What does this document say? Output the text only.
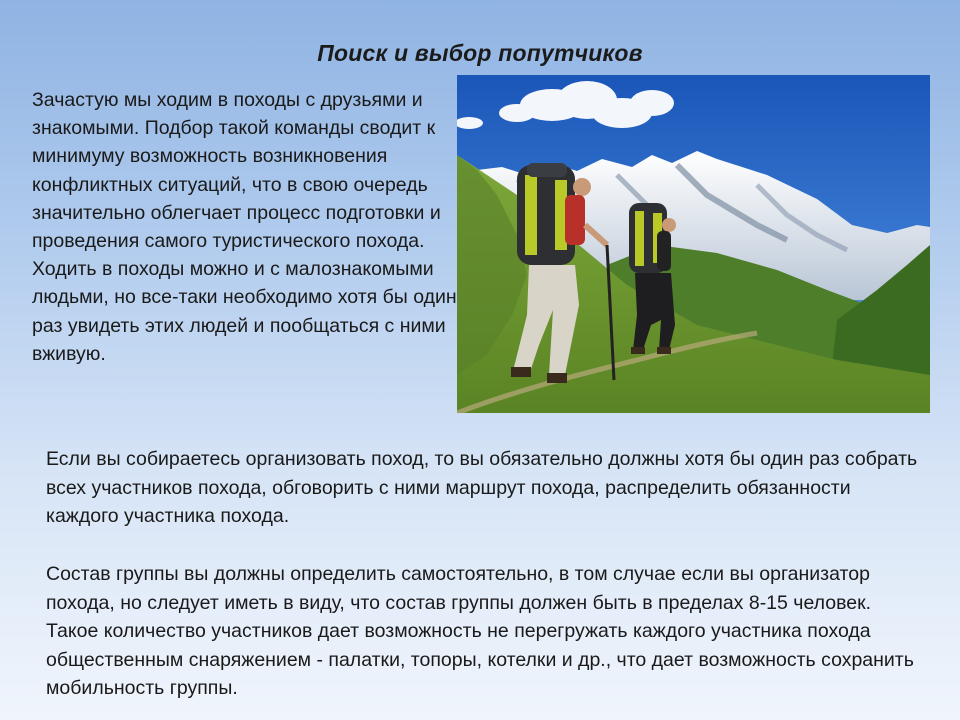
Поиск и выбор попутчиков

Зачастую мы ходим в походы с друзьями и знакомыми. Подбор такой команды сводит к минимуму возможность возникновения конфликтных ситуаций, что в свою очередь значительно облегчает процесс подготовки и проведения самого туристического похода. Ходить в походы можно и с малознакомыми людьми, но все-таки необходимо хотя бы один раз увидеть этих людей и пообщаться с ними вживую.

Если вы собираетесь организовать поход, то вы обязательно должны хотя бы один раз собрать всех участников похода, обговорить с ними маршрут похода, распределить обязанности каждого участника похода.

Состав группы вы должны определить самостоятельно, в том случае если вы организатор похода, но следует иметь в виду, что состав группы должен быть в пределах 8-15 человек. Такое количество участников дает возможность не перегружать каждого участника похода общественным снаряжением - палатки, топоры, котелки и др., что дает возможность сохранить мобильность группы.
